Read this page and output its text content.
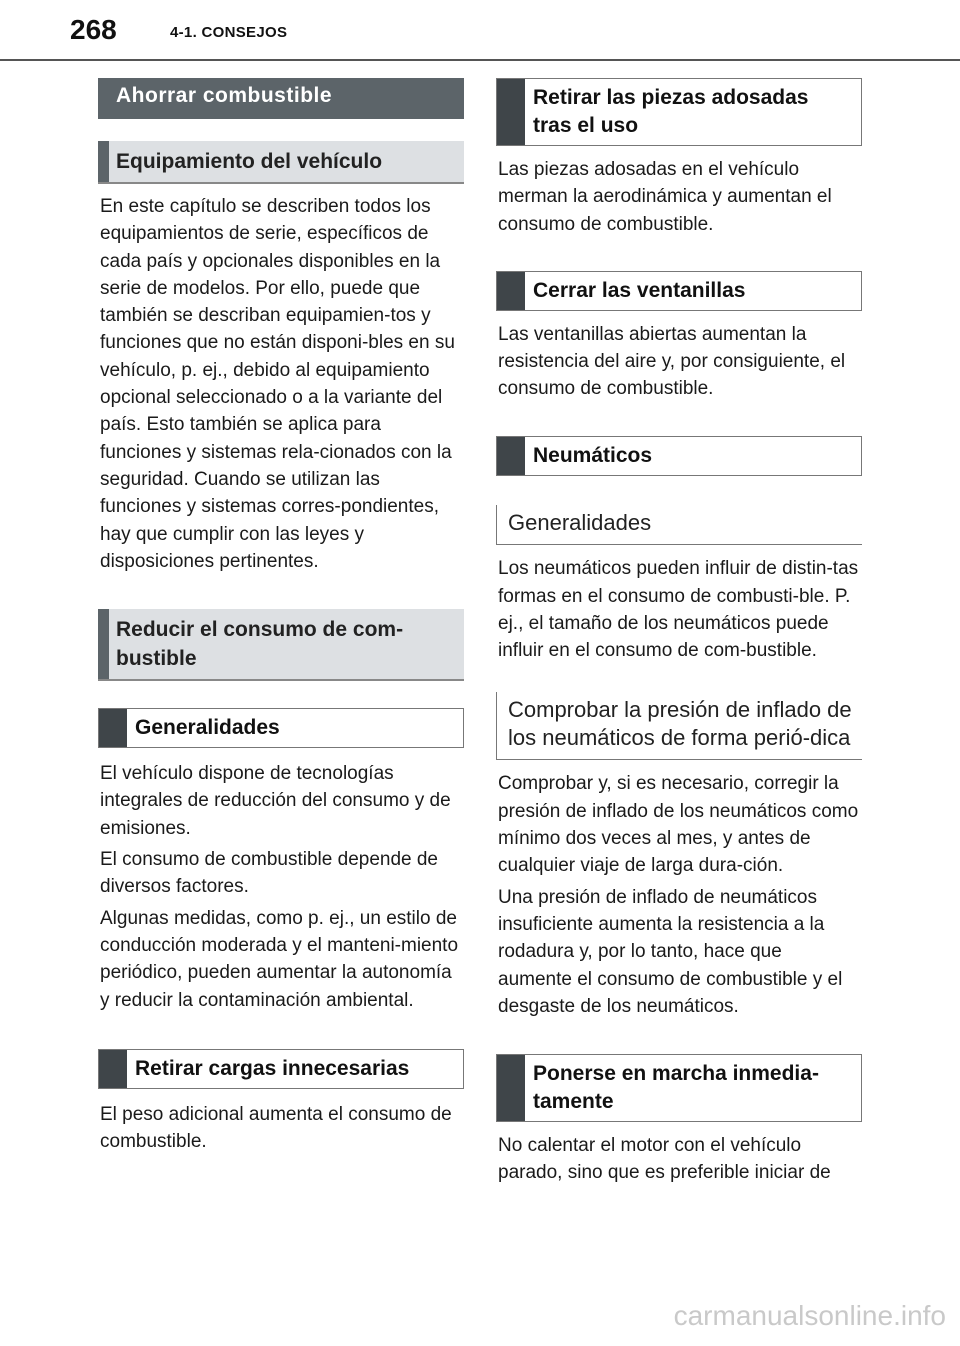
268	4-1. CONSEJOS
Ahorrar combustible
Equipamiento del vehículo

En este capítulo se describen todos los equipamientos de serie, específicos de cada país y opcionales disponibles en la serie de modelos. Por ello, puede que también se describan equipamien-tos y funciones que no están disponi-bles en su vehículo, p. ej., debido al equipamiento opcional seleccionado o a la variante del país. Esto también se aplica para funciones y sistemas rela-cionados con la seguridad. Cuando se utilizan las funciones y sistemas corres-pondientes, hay que cumplir con las leyes y disposiciones pertinentes.

Reducir el consumo de com-bustible
Generalidades

El vehículo dispone de tecnologías integrales de reducción del consumo y de emisiones.

El consumo de combustible depende de diversos factores.

Algunas medidas, como p. ej., un estilo de conducción moderada y el manteni-miento periódico, pueden aumentar la autonomía y reducir la contaminación ambiental.

Retirar cargas innecesarias

El peso adicional aumenta el consumo de combustible.

Retirar las piezas adosadas tras el uso

Las piezas adosadas en el vehículo merman la aerodinámica y aumentan el consumo de combustible.

Cerrar las ventanillas

Las ventanillas abiertas aumentan la resistencia del aire y, por consiguiente, el consumo de combustible.

Neumáticos
Generalidades

Los neumáticos pueden influir de distin-tas formas en el consumo de combusti-ble. P. ej., el tamaño de los neumáticos puede influir en el consumo de com-bustible.

Comprobar la presión de inflado de los neumáticos de forma perió-dica

Comprobar y, si es necesario, corregir la presión de inflado de los neumáticos como mínimo dos veces al mes, y antes de cualquier viaje de larga dura-ción.

Una presión de inflado de neumáticos insuficiente aumenta la resistencia a la rodadura y, por lo tanto, hace que aumente el consumo de combustible y el desgaste de los neumáticos.

Ponerse en marcha inmedia-tamente

No calentar el motor con el vehículo parado, sino que es preferible iniciar de

carmanualsonline.info
